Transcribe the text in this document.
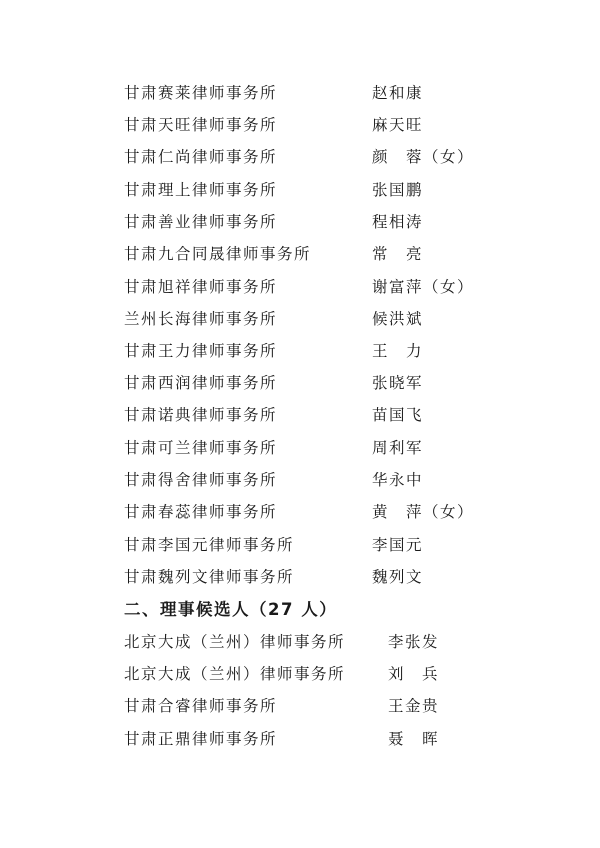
甘肃赛莱律师事务所	赵和康
甘肃天旺律师事务所	麻天旺
甘肃仁尚律师事务所	颜　蓉（女）
甘肃理上律师事务所	张国鹏
甘肃善业律师事务所	程相涛
甘肃九合同晟律师事务所	常　亮
甘肃旭祥律师事务所	谢富萍（女）
兰州长海律师事务所	候洪斌
甘肃王力律师事务所	王　力
甘肃西润律师事务所	张晓军
甘肃诺典律师事务所	苗国飞
甘肃可兰律师事务所	周利军
甘肃得舍律师事务所	华永中
甘肃春蕊律师事务所	黄　萍（女）
甘肃李国元律师事务所	李国元
甘肃魏列文律师事务所	魏列文
二、理事候选人（27 人）
北京大成（兰州）律师事务所	李张发
北京大成（兰州）律师事务所	刘　兵
甘肃合睿律师事务所	王金贵
甘肃正鼎律师事务所	聂　晖
